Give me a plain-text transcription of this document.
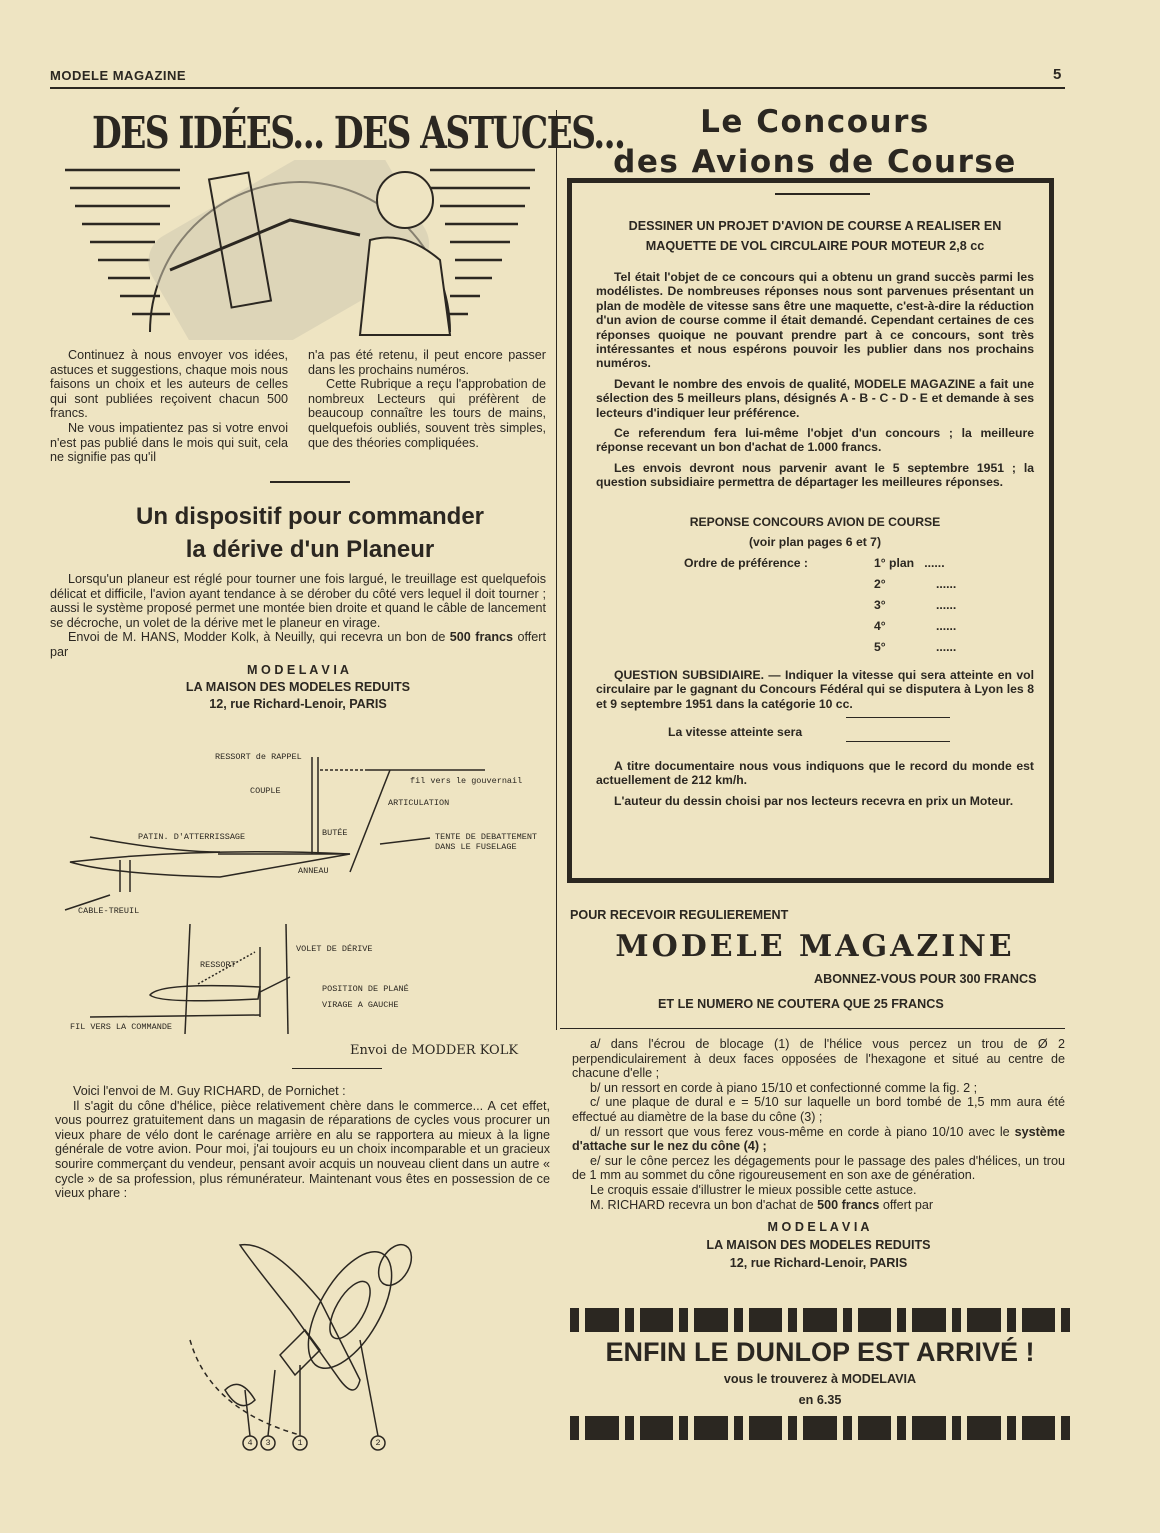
MODELE MAGAZINE	5
DES IDÉES... DES ASTUCES...

Continuez à nous envoyer vos idées, astuces et suggestions, chaque mois nous faisons un choix et les auteurs de celles qui sont publiées reçoivent chacun 500 francs.

Ne vous impatientez pas si votre envoi n'est pas publié dans le mois qui suit, cela ne signifie pas qu'il

n'a pas été retenu, il peut encore passer dans les prochains numéros.

Cette Rubrique a reçu l'approbation de nombreux Lecteurs qui préfèrent de beaucoup connaître les tours de mains, quelquefois oubliés, souvent très simples, que des théories compliquées.

Un dispositif pour commander
la dérive d'un Planeur

Lorsqu'un planeur est réglé pour tourner une fois largué, le treuillage est quelquefois délicat et difficile, l'avion ayant tendance à se dérober du côté vers lequel il doit tourner ; aussi le système proposé permet une montée bien droite et quand le câble de lancement se décroche, un volet de la dérive met le planeur en virage.

Envoi de M. HANS, Modder Kolk, à Neuilly, qui recevra un bon de 500 francs offert par

M O D E L A V I A
LA MAISON DES MODELES REDUITS
12, rue Richard-Lenoir, PARIS
RESSORT de RAPPEL
COUPLE
fil vers le gouvernail
ARTICULATION
PATIN. D'ATTERRISSAGE	BUTÉE
ANNEAU
TENTE DE DEBATTEMENT DANS LE FUSELAGE
CABLE-TREUIL
RESSORT
VOLET DE DÉRIVE
POSITION DE PLANÉ
VIRAGE A GAUCHE
FIL VERS LA COMMANDE
Envoi de MODDER KOLK

Voici l'envoi de M. Guy RICHARD, de Pornichet :

Il s'agit du cône d'hélice, pièce relativement chère dans le commerce... A cet effet, vous pourrez gratuitement dans un magasin de réparations de cycles vous procurer un vieux phare de vélo dont le carénage arrière en alu se rapportera au mieux à la ligne générale de votre avion. Pour moi, j'ai toujours eu un choix incomparable et un gracieux sourire commerçant du vendeur, pensant avoir acquis un nouveau client dans un autre « cycle » de sa profession, plus rémunérateur. Maintenant vous êtes en possession de ce vieux phare :

4	3	1	2
Le Concours
des Avions de Course

DESSINER UN PROJET D'AVION DE COURSE A REALISER EN MAQUETTE DE VOL CIRCULAIRE POUR MOTEUR 2,8 cc

Tel était l'objet de ce concours qui a obtenu un grand succès parmi les modélistes. De nombreuses réponses nous sont parvenues présentant un plan de modèle de vitesse sans être une maquette, c'est-à-dire la réduction d'un avion de course comme il était demandé. Cependant certaines de ces réponses quoique ne pouvant prendre part à ce concours, sont très intéressantes et nous espérons pouvoir les publier dans nos prochains numéros.

Devant le nombre des envois de qualité, MODELE MAGAZINE a fait une sélection des 5 meilleurs plans, désignés A - B - C - D - E et demande à ses lecteurs d'indiquer leur préférence.

Ce referendum fera lui-même l'objet d'un concours ; la meilleure réponse recevant un bon d'achat de 1.000 francs.

Les envois devront nous parvenir avant le 5 septembre 1951 ; la question subsidiaire permettra de départager les meilleures réponses.

REPONSE CONCOURS AVION DE COURSE
(voir plan pages 6 et 7)
Ordre de préférence :	1° plan ......
2°	......
3°	......
4°	......
5°	......

QUESTION SUBSIDIAIRE. — Indiquer la vitesse qui sera atteinte en vol circulaire par le gagnant du Concours Fédéral qui se disputera à Lyon les 8 et 9 septembre 1951 dans la catégorie 10 cc.

La vitesse atteinte sera

A titre documentaire nous vous indiquons que le record du monde est actuellement de 212 km/h.

L'auteur du dessin choisi par nos lecteurs recevra en prix un Moteur.

POUR RECEVOIR REGULIEREMENT
MODELE MAGAZINE
ABONNEZ-VOUS POUR 300 FRANCS
ET LE NUMERO NE COUTERA QUE 25 FRANCS

a/ dans l'écrou de blocage (1) de l'hélice vous percez un trou de Ø 2 perpendiculairement à deux faces opposées de l'hexagone et situé au centre de chacune d'elle ;

b/ un ressort en corde à piano 15/10 et confectionné comme la fig. 2 ;

c/ une plaque de dural e = 5/10 sur laquelle un bord tombé de 1,5 mm aura été effectué au diamètre de la base du cône (3) ;

d/ un ressort que vous ferez vous-même en corde à piano 10/10 avec le système d'attache sur le nez du cône (4) ;

e/ sur le cône percez les dégagements pour le passage des pales d'hélices, un trou de 1 mm au sommet du cône rigoureusement en son axe de génération.

Le croquis essaie d'illustrer le mieux possible cette astuce.

M. RICHARD recevra un bon d'achat de 500 francs offert par

M O D E L A V I A
LA MAISON DES MODELES REDUITS
12, rue Richard-Lenoir, PARIS
ENFIN LE DUNLOP EST ARRIVÉ !
vous le trouverez à MODELAVIA
en 6.35
